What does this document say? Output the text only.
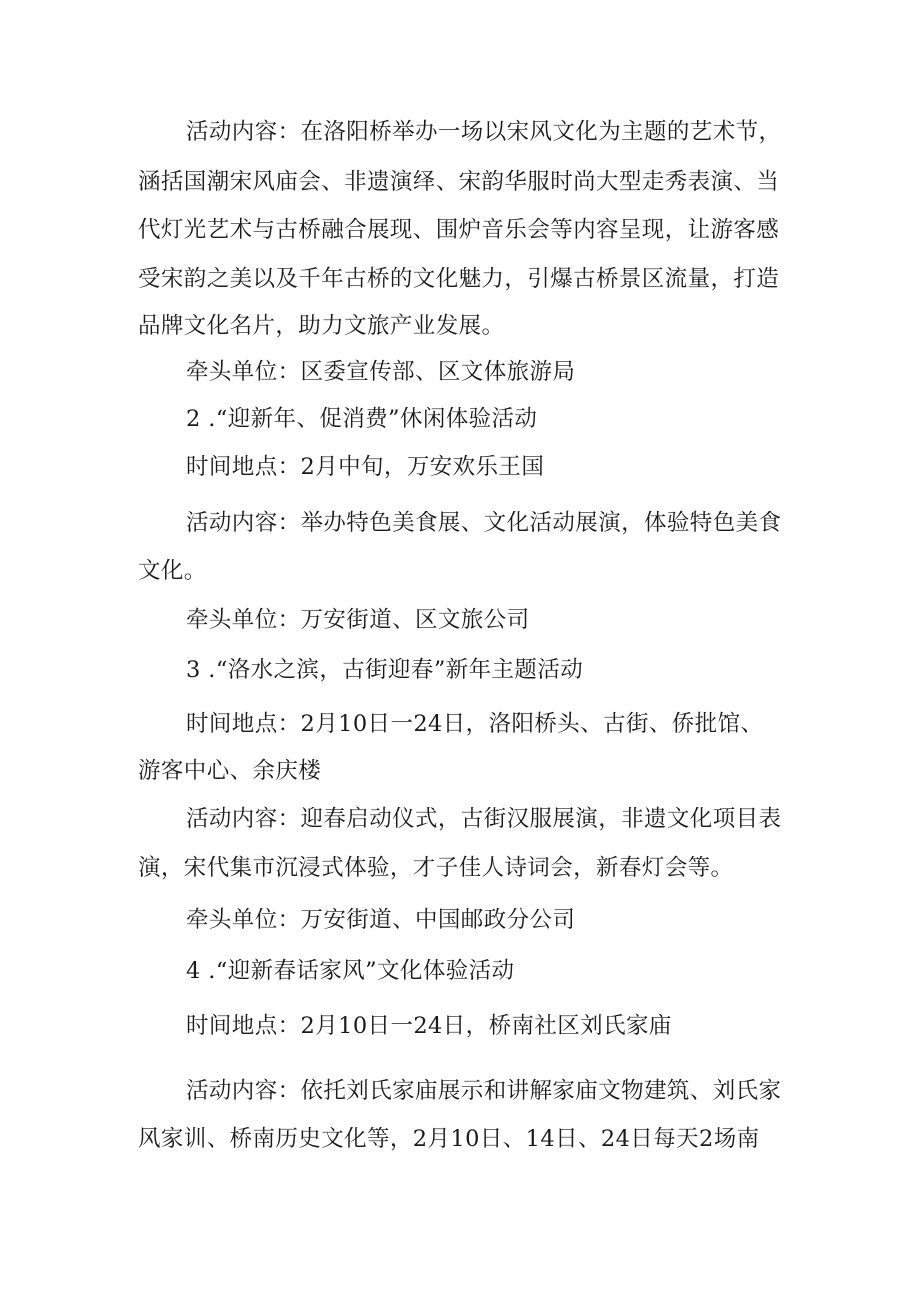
活动内容：在洛阳桥举办一场以宋风文化为主题的艺术节，
涵括国潮宋风庙会、非遗演绎、宋韵华服时尚大型走秀表演、当
代灯光艺术与古桥融合展现、围炉音乐会等内容呈现，让游客感
受宋韵之美以及千年古桥的文化魅力，引爆古桥景区流量，打造
品牌文化名片，助力文旅产业发展。
牵头单位：区委宣传部、区文体旅游局
2 .“迎新年、促消费”休闲体验活动
时间地点：2月中旬，万安欢乐王国
活动内容：举办特色美食展、文化活动展演，体验特色美食
文化。
牵头单位：万安街道、区文旅公司
3 .“洛水之滨，古街迎春”新年主题活动
时间地点：2月10日一24日，洛阳桥头、古街、侨批馆、
游客中心、余庆楼
活动内容：迎春启动仪式，古街汉服展演，非遗文化项目表
演，宋代集市沉浸式体验，才子佳人诗词会，新春灯会等。
牵头单位：万安街道、中国邮政分公司
4 .“迎新春话家风”文化体验活动
时间地点：2月10日一24日，桥南社区刘氏家庙
活动内容：依托刘氏家庙展示和讲解家庙文物建筑、刘氏家
风家训、桥南历史文化等，2月10日、14日、24日每天2场南
